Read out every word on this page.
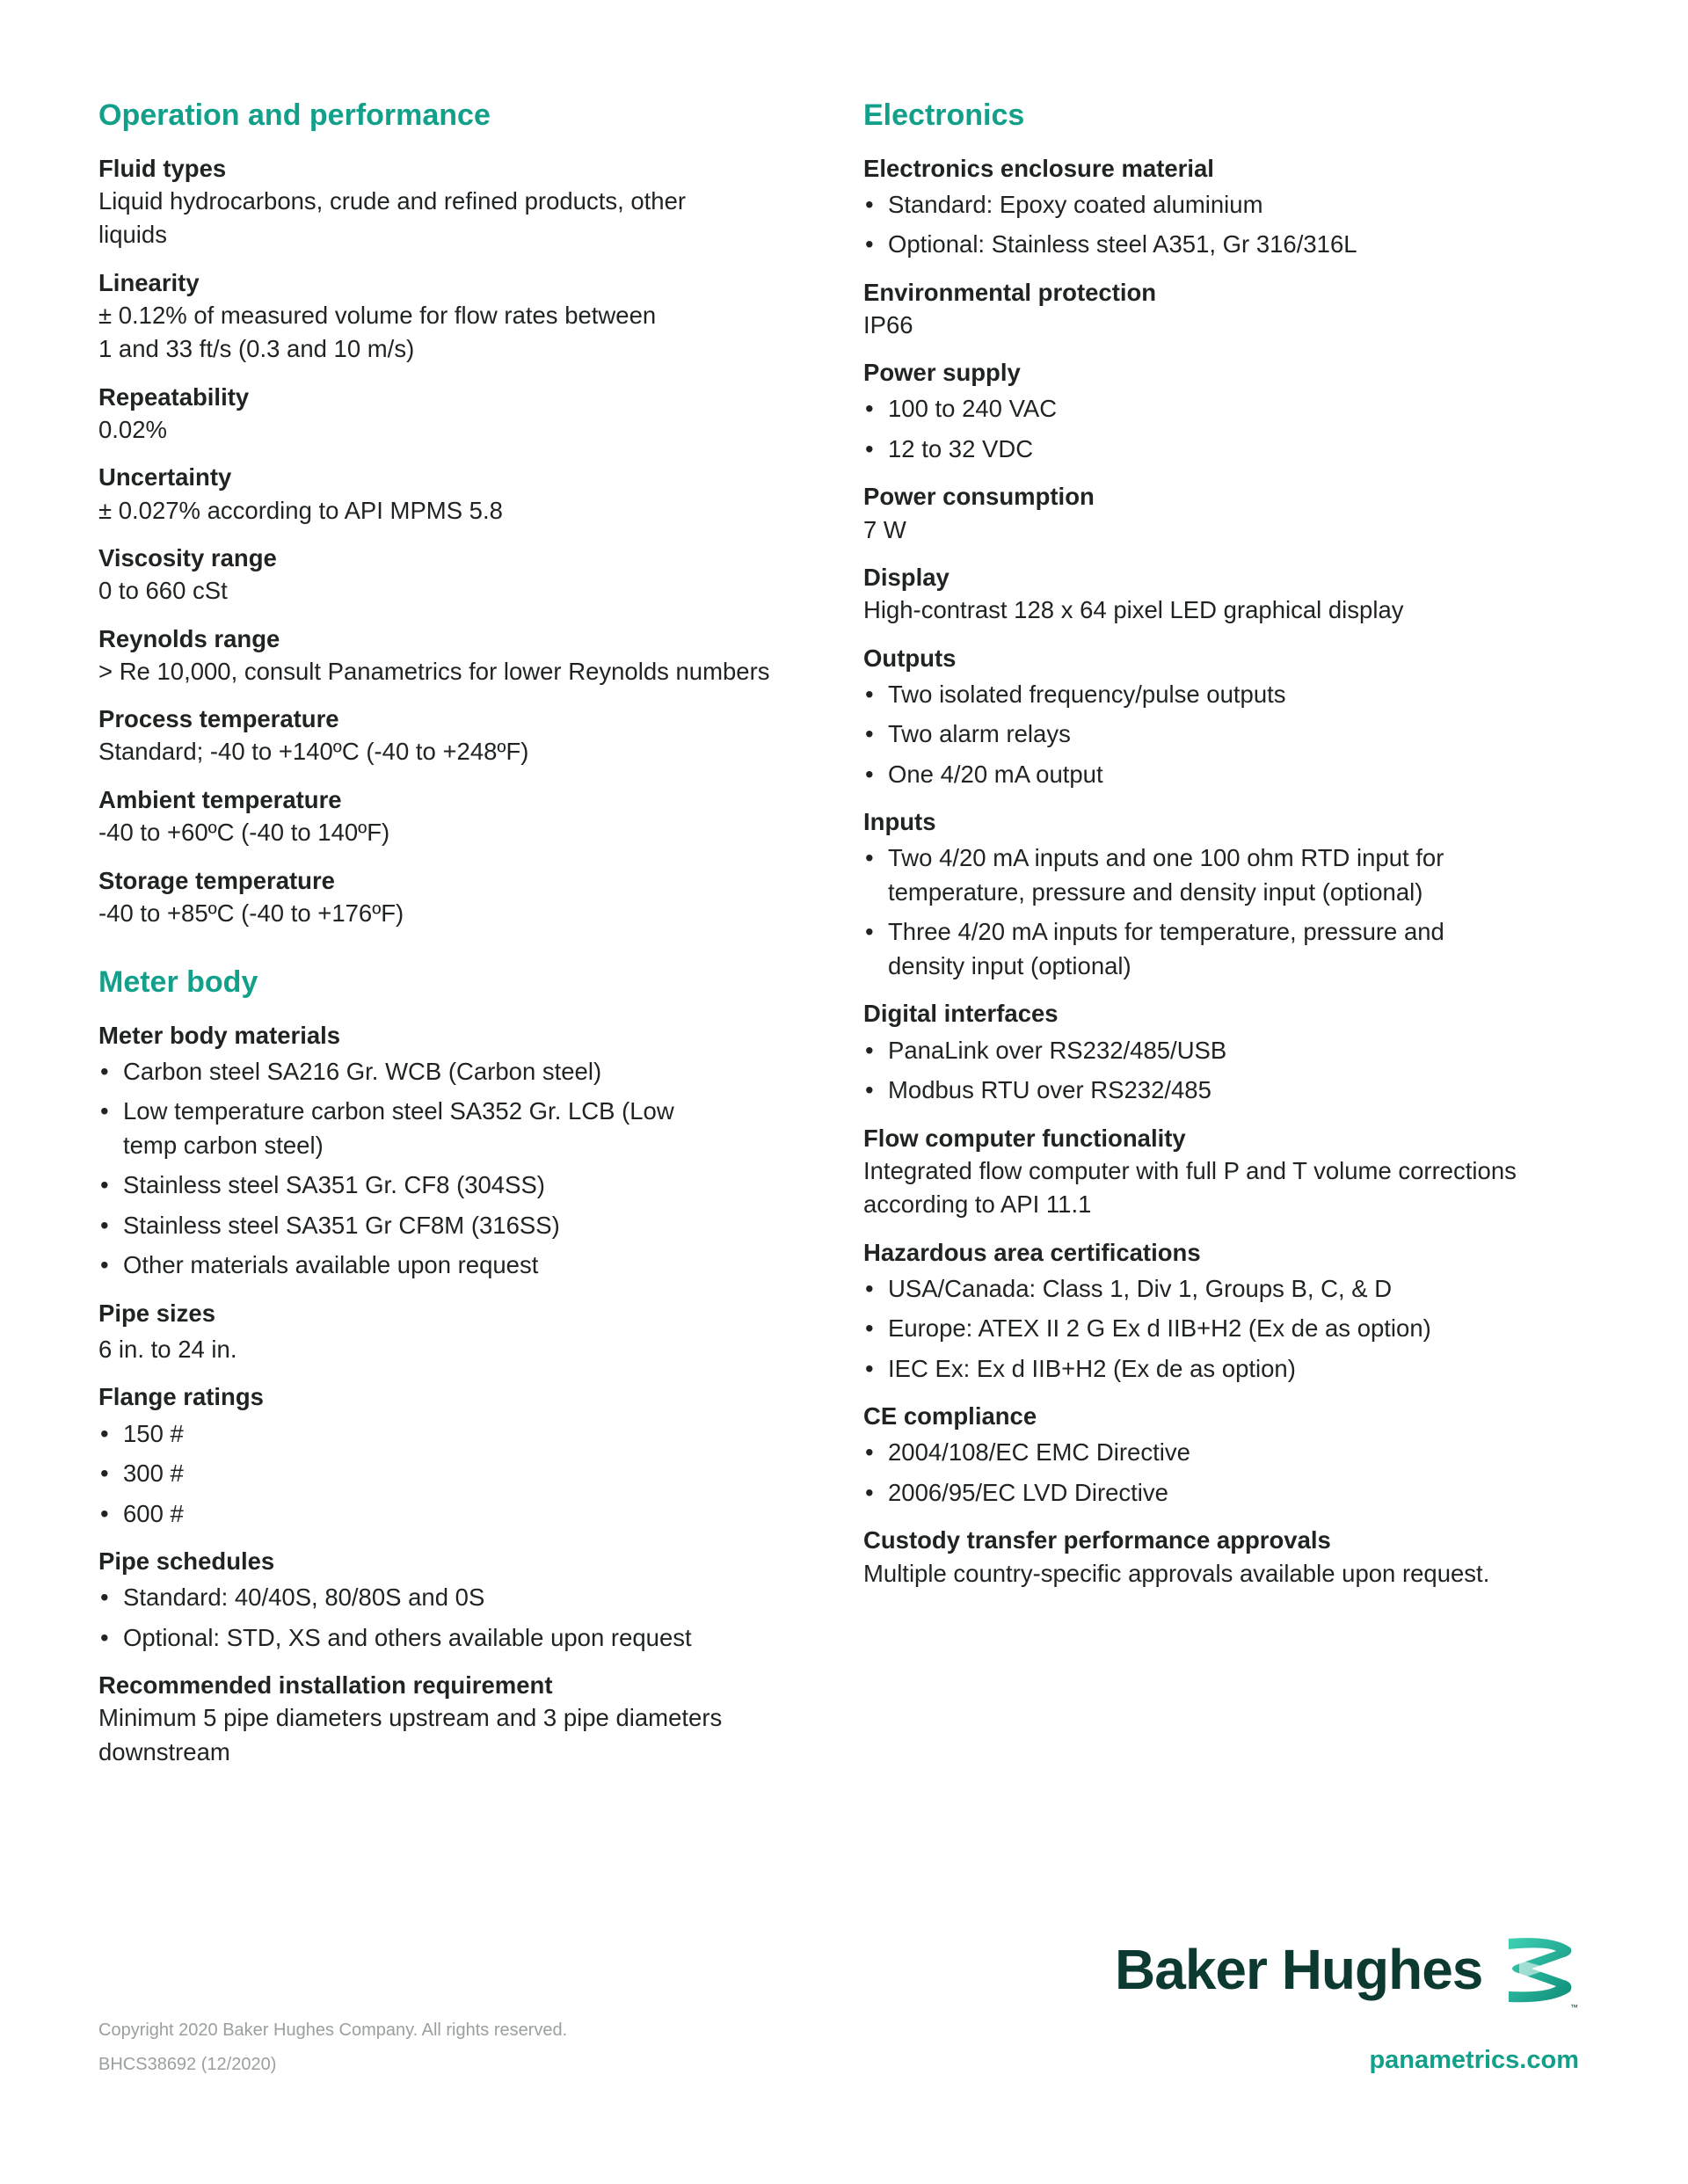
Operation and performance

Fluid types

Liquid hydrocarbons, crude and refined products, other liquids

Linearity

± 0.12% of measured volume for flow rates between

1 and 33 ft/s (0.3 and 10 m/s)

Repeatability

0.02%

Uncertainty

± 0.027% according to API MPMS 5.8

Viscosity range

0 to 660 cSt

Reynolds range

> Re 10,000, consult Panametrics for lower Reynolds numbers

Process temperature

Standard; -40 to +140ºC (-40 to +248ºF)

Ambient temperature

-40 to +60ºC (-40 to 140ºF)

Storage temperature

-40 to +85ºC (-40 to +176ºF)

Meter body

Meter body materials

• Carbon steel SA216 Gr. WCB (Carbon steel)
• Low temperature carbon steel SA352 Gr. LCB (Low temp carbon steel)
• Stainless steel SA351 Gr. CF8 (304SS)
• Stainless steel SA351 Gr CF8M (316SS)
• Other materials available upon request

Pipe sizes

6 in. to 24 in.

Flange ratings

• 150 #
• 300 #
• 600 #

Pipe schedules

• Standard: 40/40S, 80/80S and 0S
• Optional: STD, XS and others available upon request

Recommended installation requirement

Minimum 5 pipe diameters upstream and 3 pipe diameters downstream

Electronics

Electronics enclosure material

• Standard: Epoxy coated aluminium
• Optional: Stainless steel A351, Gr 316/316L

Environmental protection

IP66

Power supply

• 100 to 240 VAC
• 12 to 32 VDC

Power consumption

7 W

Display

High-contrast 128 x 64 pixel LED graphical display

Outputs

• Two isolated frequency/pulse outputs
• Two alarm relays
• One 4/20 mA output

Inputs

• Two 4/20 mA inputs and one 100 ohm RTD input for temperature, pressure and density input (optional)
• Three 4/20 mA inputs for temperature, pressure and density input (optional)

Digital interfaces

• PanaLink over RS232/485/USB
• Modbus RTU over RS232/485

Flow computer functionality

Integrated flow computer with full P and T volume corrections according to API 11.1

Hazardous area certifications

• USA/Canada: Class 1, Div 1, Groups B, C, & D
• Europe: ATEX II 2 G Ex d IIB+H2 (Ex de as option)
• IEC Ex: Ex d IIB+H2 (Ex de as option)

CE compliance

• 2004/108/EC EMC Directive
• 2006/95/EC LVD Directive

Custody transfer performance approvals

Multiple country-specific approvals available upon request.

Copyright 2020 Baker Hughes Company. All rights reserved.

BHCS38692 (12/2020)

Baker Hughes
™

panametrics.com
